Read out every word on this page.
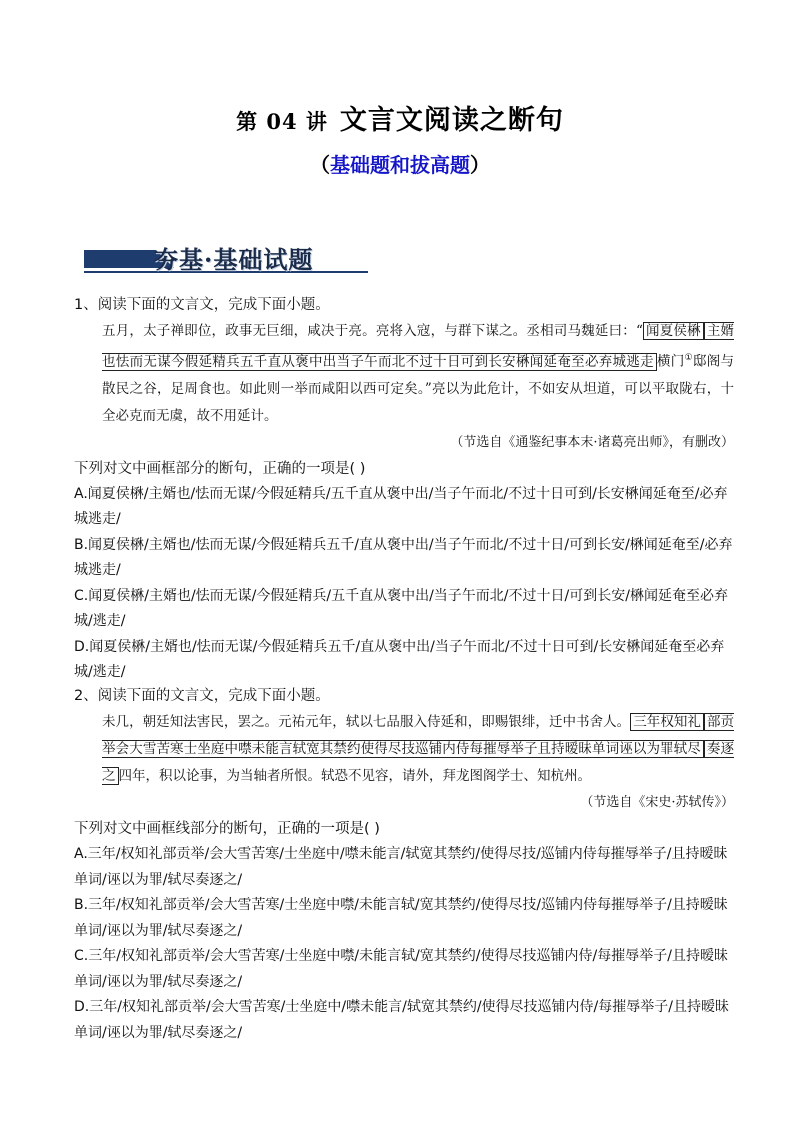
第 04 讲 文言文阅读之断句
（基础题和拔高题）
夯基·基础试题
1、阅读下面的文言文，完成下面小题。
五月，太子禅即位，政事无巨细，咸决于亮。亮将入寇，与群下谋之。丞相司马魏延曰：“ 闻夏侯楙 主婿也怯而无谋今假延精兵五千直从褒中出当子午而北不过十日可到长安楙闻延奄至必弃城逃走 横门①邸阁与散民之谷，足周食也。如此则一举而咸阳以西可定矣。”亮以为此危计，不如安从坦道，可以平取陇右，十全必克而无虞，故不用延计。
（节选自《通鉴纪事本末·诸葛亮出师》，有删改）
下列对文中画框部分的断句，正确的一项是( )
A.闻夏侯楙/主婿也/怯而无谋/今假延精兵/五千直从褒中出/当子午而北/不过十日可到/长安楙闻延奄至/必弃城逃走/
B.闻夏侯楙/主婿也/怯而无谋/今假延精兵五千/直从褒中出/当子午而北/不过十日/可到长安/楙闻延奄至/必弃城逃走/
C.闻夏侯楙/主婿也/怯而无谋/今假延精兵/五千直从褒中出/当子午而北/不过十日/可到长安/楙闻延奄至必弃城/逃走/
D.闻夏侯楙/主婿也/怯而无谋/今假延精兵五千/直从褒中出/当子午而北/不过十日可到/长安楙闻延奄至必弃城/逃走/
2、阅读下面的文言文，完成下面小题。
未几，朝廷知法害民，罢之。元祐元年，轼以七品服入侍延和，即赐银绯，迁中书舍人。 三年权知礼 部贡举会大雪苦寒士坐庭中噤未能言轼宽其禁约使得尽技巡铺内侍每摧辱举子且持暧昧单词诬以为罪轼尽 奏逐之 四年，积以论事，为当轴者所恨。轼恐不见容，请外，拜龙图阁学士、知杭州。
（节选自《宋史·苏轼传》）
下列对文中画框线部分的断句，正确的一项是( )
A.三年/权知礼部贡举/会大雪苦寒/士坐庭中/噤未能言/轼宽其禁约/使得尽技/巡铺内侍每摧辱举子/且持暧昧单词/诬以为罪/轼尽奏逐之/
B.三年/权知礼部贡举/会大雪苦寒/士坐庭中噤/未能言轼/宽其禁约/使得尽技/巡铺内侍每摧辱举子/且持暧昧单词/诬以为罪/轼尽奏逐之/
C.三年/权知礼部贡举/会大雪苦寒/士坐庭中噤/未能言轼/宽其禁约/使得尽技巡铺内侍/每摧辱举子/且持暧昧单词/诬以为罪/轼尽奏逐之/
D.三年/权知礼部贡举/会大雪苦寒/士坐庭中/噤未能言/轼宽其禁约/使得尽技巡铺内侍/每摧辱举子/且持暧昧单词/诬以为罪/轼尽奏逐之/
